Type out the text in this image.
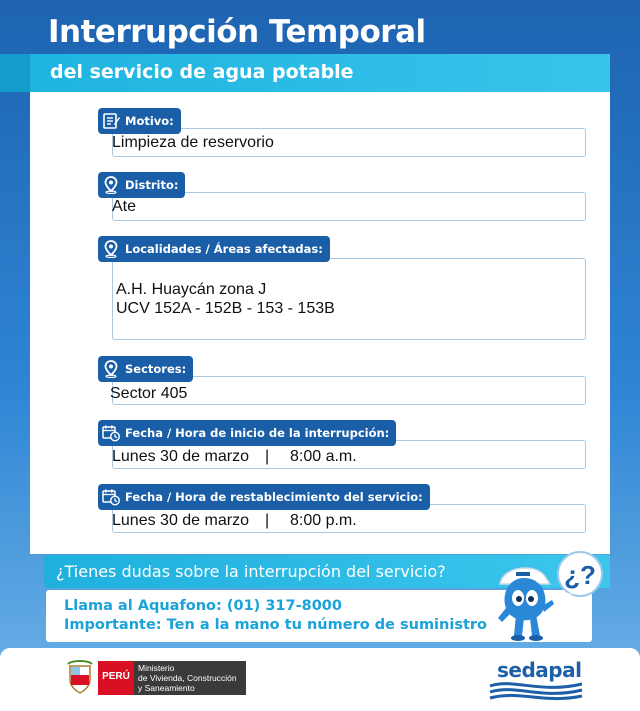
Interrupción Temporal
del servicio de agua potable
Limpieza de reservorio
Motivo:
Ate
Distrito:
A.H. Huaycán zona J
UCV 152A - 152B - 153 - 153B
Localidades / Áreas afectadas:
Sector 405
Sectores:
Lunes 30 de marzo | 8:00 a.m.
Fecha / Hora de inicio de la interrupción:
Lunes 30 de marzo | 8:00 p.m.
Fecha / Hora de restablecimiento del servicio:
¿Tienes dudas sobre la interrupción del servicio?
Llama al Aquafono: (01) 317-8000
Importante: Ten a la mano tu número de suministro
¿?
PERÚ
Ministerio
de Vivienda, Construcción
y Saneamiento
sedapal
